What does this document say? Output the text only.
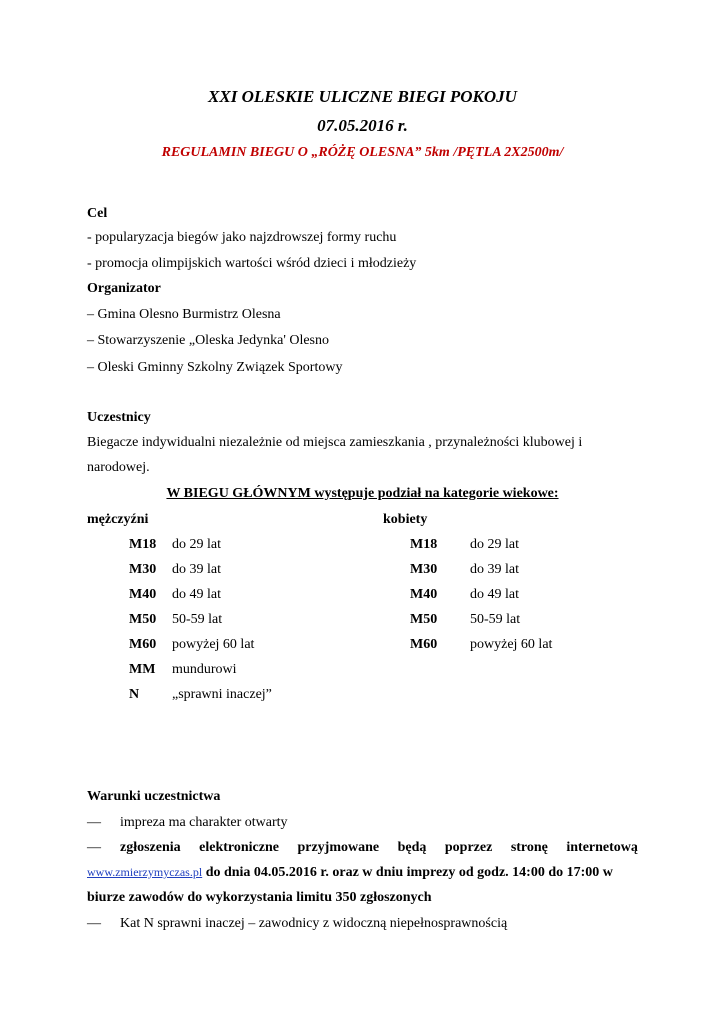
XXI OLESKIE ULICZNE BIEGI POKOJU
07.05.2016 r.
REGULAMIN BIEGU O „RÓŻĘ OLESNA” 5km /PĘTLA 2X2500m/
Cel
- popularyzacja biegów jako najzdrowszej formy ruchu
- promocja olimpijskich wartości wśród dzieci i młodzieży
Organizator
– Gmina Olesno Burmistrz Olesna
– Stowarzyszenie „Oleska Jedynka' Olesno
– Oleski Gminny Szkolny Związek Sportowy
Uczestnicy
Biegacze indywidualni niezależnie od miejsca zamieszkania , przynależności klubowej i
narodowej.
W BIEGU GŁÓWNYM występuje podział na kategorie wiekowe:
mężczyźni
M18 do 29 lat
M30 do 39 lat
M40 do 49 lat
M50 50-59 lat
M60 powyżej 60 lat
MM mundurowi
N „sprawni inaczej”
kobiety
M18 do 29 lat
M30 do 39 lat
M40 do 49 lat
M50 50-59 lat
M60 powyżej 60 lat
Warunki uczestnictwa
— impreza ma charakter otwarty
— zgłoszenia elektroniczne przyjmowane będą poprzez stronę internetową
www.zmierzymyczas.pl do dnia 04.05.2016 r. oraz w dniu imprezy od godz. 14:00 do 17:00 w
biurze zawodów do wykorzystania limitu 350 zgłoszonych
— Kat N sprawni inaczej – zawodnicy z widoczną niepełnosprawnością
